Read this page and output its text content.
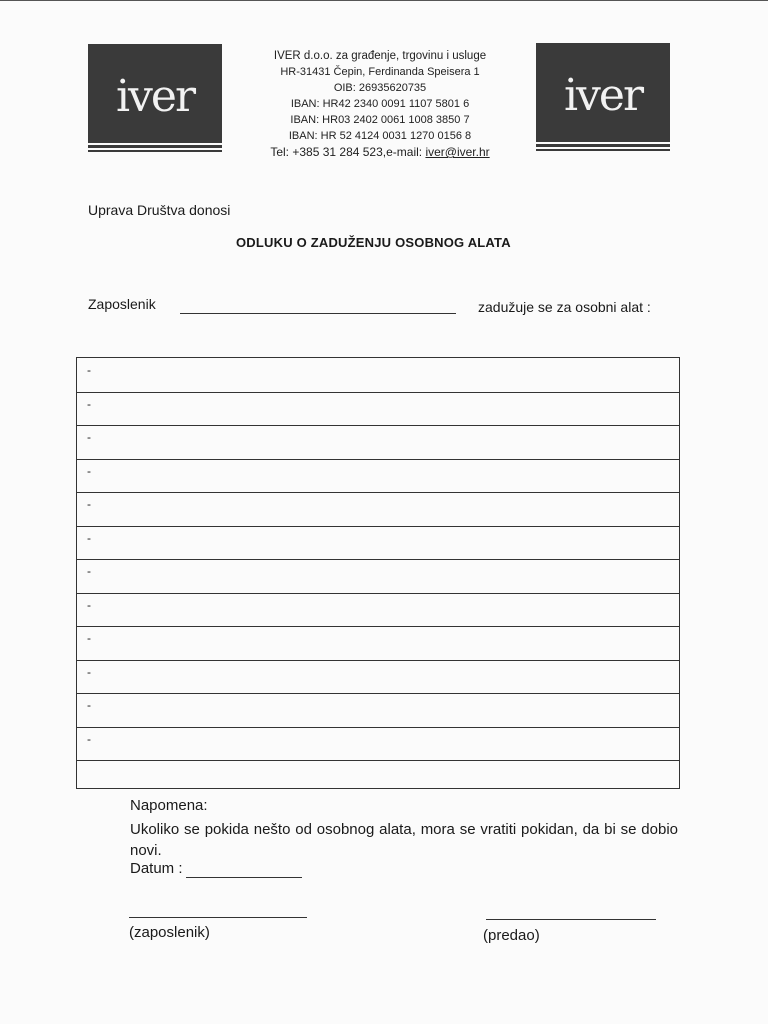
iver
IVER d.o.o. za građenje, trgovinu i usluge
HR-31431 Čepin, Ferdinanda Speisera 1
OIB: 26935620735
IBAN: HR42 2340 0091 1107 5801 6
IBAN: HR03 2402 0061 1008 3850 7
IBAN: HR 52 4124 0031 1270 0156 8
Tel: +385 31 284 523,e-mail: iver@iver.hr
iver
Uprava Društva donosi
ODLUKU O ZADUŽENJU OSOBNOG ALATA
Zaposlenik	zadužuje se za osobni alat :
-
-
-
-
-
-
-
-
-
-
-
-
Napomena:
Ukoliko se pokida nešto od osobnog alata, mora se vratiti pokidan, da bi se dobio novi.
Datum :
(zaposlenik)	(predao)
